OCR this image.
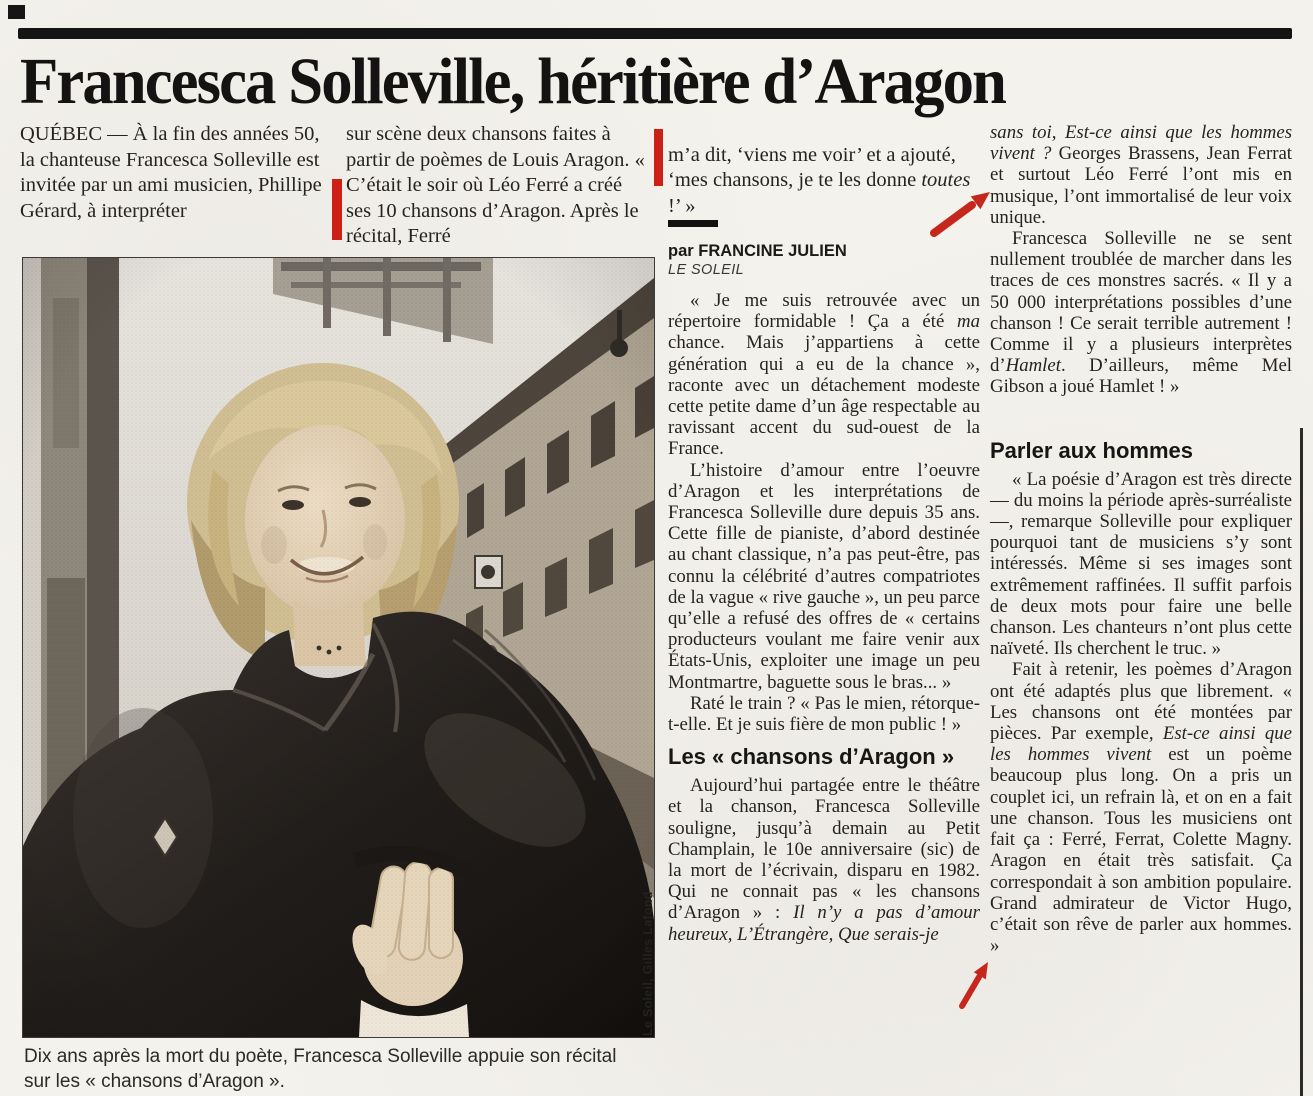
Francesca Solleville, héritière d’Aragon
QUÉBEC — À la fin des années 50, la chanteuse Francesca Solleville est invitée par un ami musicien, Phillipe Gérard, à interpréter
sur scène deux chansons faites à partir de poèmes de Louis Aragon. « C’était le soir où Léo Ferré a créé ses 10 chansons d’Aragon. Après le récital, Ferré

m’a dit, ‘viens me voir’ et a ajouté, ‘mes chansons, je te les donne toutes !’ »

par FRANCINE JULIEN
LE SOLEIL

« Je me suis retrouvée avec un répertoire formidable ! Ça a été ma chance. Mais j’appartiens à cette génération qui a eu de la chance », raconte avec un détachement modeste cette petite dame d’un âge respectable au ravissant accent du sud-ouest de la France.

L’histoire d’amour entre l’oeuvre d’Aragon et les interprétations de Francesca Solleville dure depuis 35 ans. Cette fille de pianiste, d’abord destinée au chant classique, n’a pas peut-être, pas connu la célébrité d’autres compatriotes de la vague « rive gauche », un peu parce qu’elle a refusé des offres de « certains producteurs voulant me faire venir aux États-Unis, exploiter une image un peu Montmartre, baguette sous le bras... »

Raté le train ? « Pas le mien, rétorque-t-elle. Et je suis fière de mon public ! »

Les « chansons d’Aragon »

Aujourd’hui partagée entre le théâtre et la chanson, Francesca Solleville souligne, jusqu’à demain au Petit Champlain, le 10e anniversaire (sic) de la mort de l’écrivain, disparu en 1982. Qui ne connait pas « les chansons d’Aragon » : Il n’y a pas d’amour heureux, L’Étrangère, Que serais-je

sans toi, Est-ce ainsi que les hommes vivent ? Georges Brassens, Jean Ferrat et surtout Léo Ferré l’ont mis en musique, l’ont immortalisé de leur voix unique.

Francesca Solleville ne se sent nullement troublée de marcher dans les traces de ces monstres sacrés. « Il y a 50 000 interprétations possibles d’une chanson ! Ce serait terrible autrement ! Comme il y a plusieurs interprètes d’Hamlet. D’ailleurs, même Mel Gibson a joué Hamlet ! »

Parler aux hommes

« La poésie d’Aragon est très directe — du moins la période après-surréaliste —, remarque Solleville pour expliquer pourquoi tant de musiciens s’y sont intéressés. Même si ses images sont extrêmement raffinées. Il suffit parfois de deux mots pour faire une belle chanson. Les chanteurs n’ont plus cette naïveté. Ils cherchent le truc. »

Fait à retenir, les poèmes d’Aragon ont été adaptés plus que librement. « Les chansons ont été montées par pièces. Par exemple, Est-ce ainsi que les hommes vivent est un poème beaucoup plus long. On a pris un couplet ici, un refrain là, et on en a fait une chanson. Tous les musiciens ont fait ça : Ferré, Ferrat, Colette Magny. Aragon en était très satisfait. Ça correspondait à son ambition populaire. Grand admirateur de Victor Hugo, c’était son rêve de parler aux hommes. »

Le Soleil, Gilles Lafond
Dix ans après la mort du poète, Francesca Solleville appuie son récital sur les « chansons d’Aragon ».
